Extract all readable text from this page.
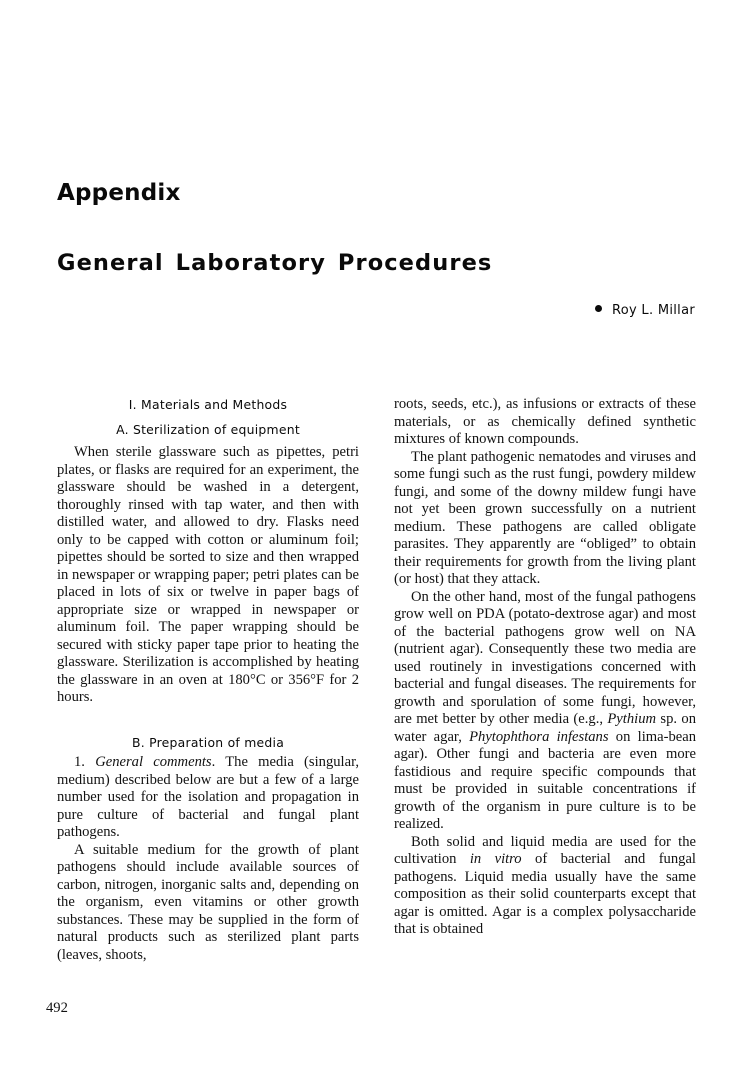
Appendix
General Laboratory Procedures
Roy L. Millar
I. Materials and Methods
A. Sterilization of equipment

When sterile glassware such as pipettes, petri plates, or flasks are required for an experiment, the glassware should be washed in a detergent, thoroughly rinsed with tap water, and then with distilled water, and allowed to dry. Flasks need only to be capped with cotton or aluminum foil; pipettes should be sorted to size and then wrapped in newspaper or wrapping paper; petri plates can be placed in lots of six or twelve in paper bags of appropriate size or wrapped in newspaper or aluminum foil. The paper wrapping should be secured with sticky paper tape prior to heating the glassware. Sterilization is accomplished by heating the glassware in an oven at 180°C or 356°F for 2 hours.

B. Preparation of media

1. General comments. The media (singular, medium) described below are but a few of a large number used for the isolation and propagation in pure culture of bacterial and fungal plant pathogens.

A suitable medium for the growth of plant pathogens should include available sources of carbon, nitrogen, inorganic salts and, depending on the organism, even vitamins or other growth substances. These may be supplied in the form of natural products such as sterilized plant parts (leaves, shoots,

roots, seeds, etc.), as infusions or extracts of these materials, or as chemically defined synthetic mixtures of known compounds.

The plant pathogenic nematodes and viruses and some fungi such as the rust fungi, powdery mildew fungi, and some of the downy mildew fungi have not yet been grown successfully on a nutrient medium. These pathogens are called obligate parasites. They apparently are “obliged” to obtain their requirements for growth from the living plant (or host) that they attack.

On the other hand, most of the fungal pathogens grow well on PDA (potato-dextrose agar) and most of the bacterial pathogens grow well on NA (nutrient agar). Consequently these two media are used routinely in investigations concerned with bacterial and fungal diseases. The requirements for growth and sporulation of some fungi, however, are met better by other media (e.g., Pythium sp. on water agar, Phytophthora infestans on lima-bean agar). Other fungi and bacteria are even more fastidious and require specific compounds that must be provided in suitable concentrations if growth of the organism in pure culture is to be realized.

Both solid and liquid media are used for the cultivation in vitro of bacterial and fungal pathogens. Liquid media usually have the same composition as their solid counterparts except that agar is omitted. Agar is a complex polysaccharide that is obtained

492
